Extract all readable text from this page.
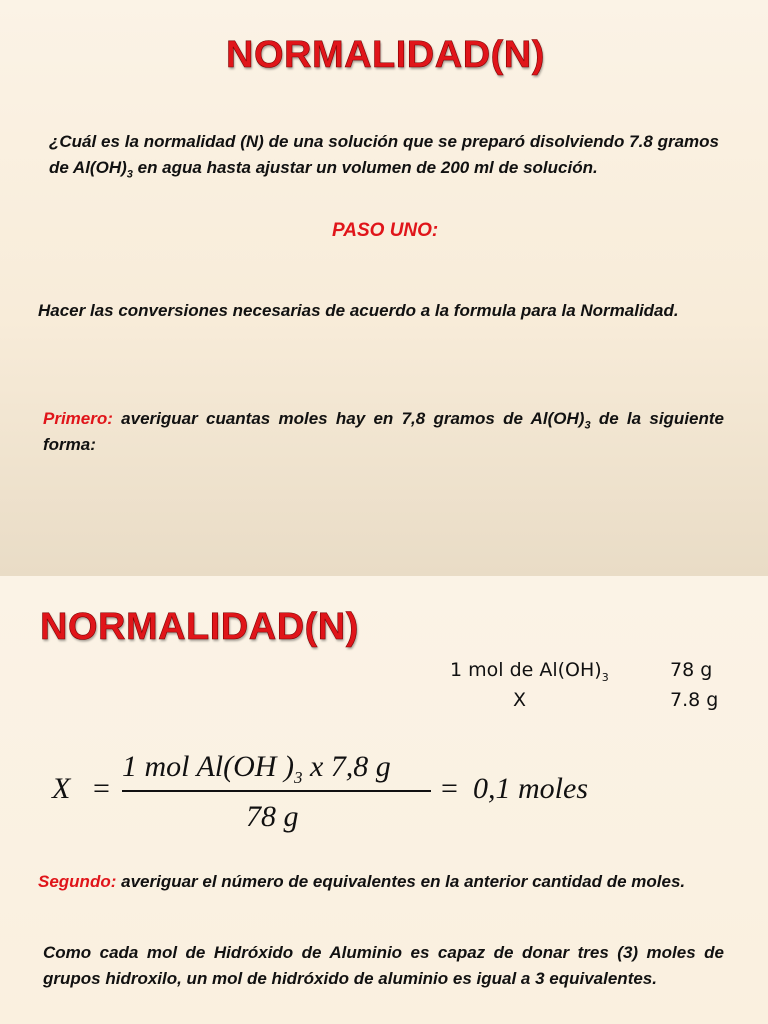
NORMALIDAD(N)
¿Cuál es la normalidad (N) de una solución que se preparó disolviendo 7.8 gramos de $Al(OH)_3$ en agua hasta ajustar un volumen de 200 ml de solución.
PASO UNO:
Hacer las conversiones necesarias de acuerdo a la formula para la Normalidad.
Primero: averiguar cuantas moles hay en 7,8 gramos de $Al(OH)_3$ de la siguiente forma:
NORMALIDAD(N)
1 mol de $Al(OH)_3$	78 g
X	7.8 g
X =
1 mol Al(OH )$_3$ x 7,8 g
78 g
= 0,1 moles
Segundo: averiguar el número de equivalentes en la anterior cantidad de moles.
Como cada mol de Hidróxido de Aluminio es capaz de donar tres (3) moles de grupos hidroxilo, un mol de hidróxido de aluminio es igual a 3 equivalentes.
